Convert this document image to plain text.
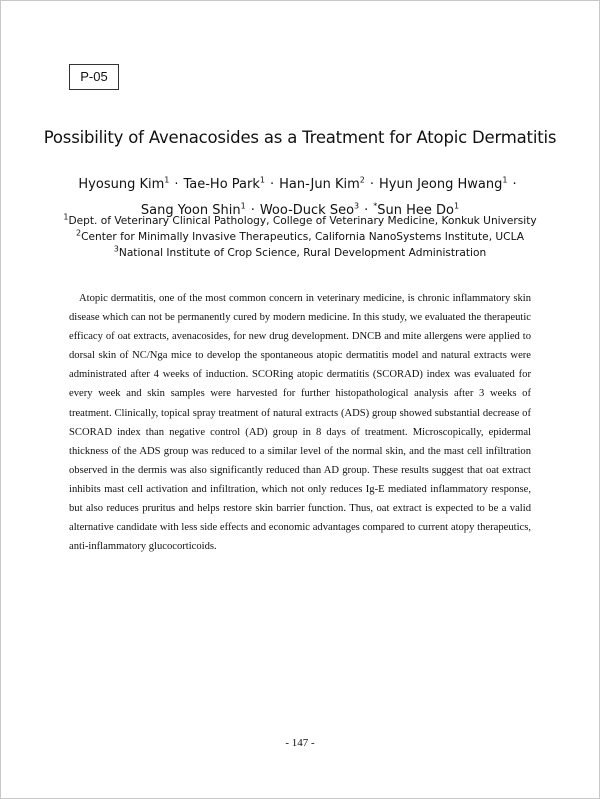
P-05
Possibility of Avenacosides as a Treatment for Atopic Dermatitis
Hyosung Kim$^1$ · Tae-Ho Park$^1$ · Han-Jun Kim$^2$ · Hyun Jeong Hwang$^1$ ·
Sang Yoon Shin$^1$ · Woo-Duck Seo$^3$ · *Sun Hee Do$^1$
$^1$Dept. of Veterinary Clinical Pathology, College of Veterinary Medicine, Konkuk University
$^2$Center for Minimally Invasive Therapeutics, California NanoSystems Institute, UCLA
$^3$National Institute of Crop Science, Rural Development Administration

Atopic dermatitis, one of the most common concern in veterinary medicine, is chronic inflammatory skin disease which can not be permanently cured by modern medicine. In this study, we evaluated the therapeutic efficacy of oat extracts, avenacosides, for new drug development. DNCB and mite allergens were applied to dorsal skin of NC/Nga mice to develop the spontaneous atopic dermatitis model and natural extracts were administrated after 4 weeks of induction. SCORing atopic dermatitis (SCORAD) index was evaluated for every week and skin samples were harvested for further histopathological analysis after 3 weeks of treatment. Clinically, topical spray treatment of natural extracts (ADS) group showed substantial decrease of SCORAD index than negative control (AD) group in 8 days of treatment. Microscopically, epidermal thickness of the ADS group was reduced to a similar level of the normal skin, and the mast cell infiltration observed in the dermis was also significantly reduced than AD group. These results suggest that oat extract inhibits mast cell activation and infiltration, which not only reduces Ig-E mediated inflammatory response, but also reduces pruritus and helps restore skin barrier function. Thus, oat extract is expected to be a valid alternative candidate with less side effects and economic advantages compared to current atopy therapeutics, anti-inflammatory glucocorticoids.

- 147 -
